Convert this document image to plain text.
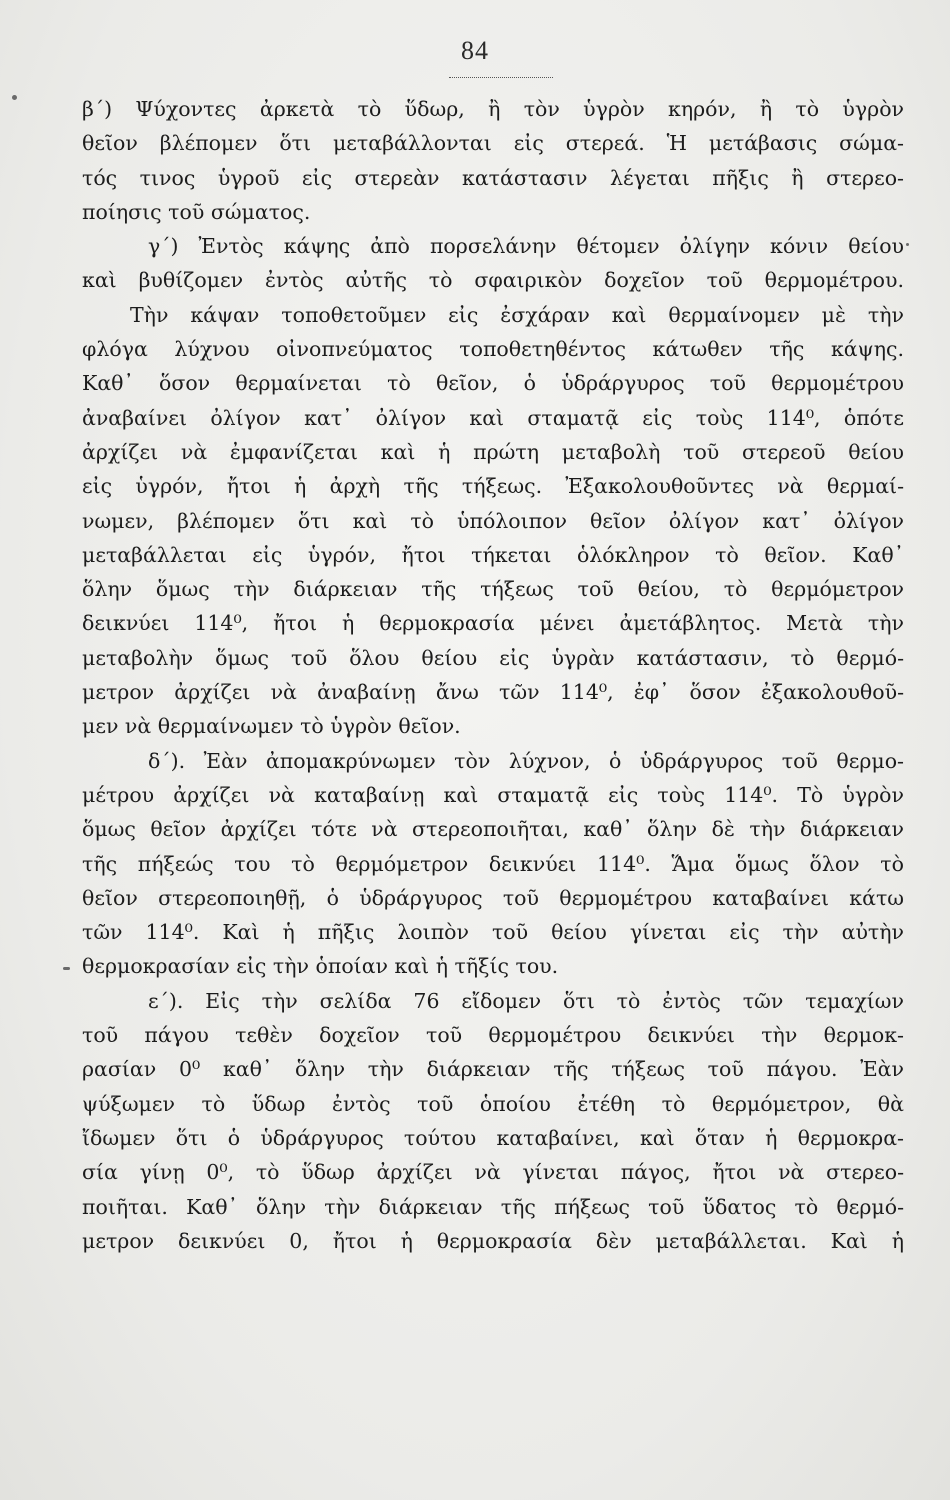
84
β΄) Ψύχοντες ἀρκετὰ τὸ ὕδωρ, ἢ τὸν ὑγρὸν κηρόν, ἢ τὸ ὑγρὸν
θεῖον βλέπομεν ὅτι μεταβάλλονται εἰς στερεά. Ἡ μετάβασις σώμα-
τός τινος ὑγροῦ εἰς στερεὰν κατάστασιν λέγεται πῆξις ἢ στερεο-
ποίησις τοῦ σώματος.
γ΄) Ἐντὸς κάψης ἀπὸ πορσελάνην θέτομεν ὀλίγην κόνιν θείου
καὶ βυθίζομεν ἐντὸς αὐτῆς τὸ σφαιρικὸν δοχεῖον τοῦ θερμομέτρου.
Τὴν κάψαν τοποθετοῦμεν εἰς ἐσχάραν καὶ θερμαίνομεν μὲ τὴν
φλόγα λύχνου οἰνοπνεύματος τοποθετηθέντος κάτωθεν τῆς κάψης.
Καθ᾽ ὅσον θερμαίνεται τὸ θεῖον, ὁ ὑδράργυρος τοῦ θερμομέτρου
ἀναβαίνει ὀλίγον κατ᾽ ὀλίγον καὶ σταματᾷ εἰς τοὺς 114⁰, ὁπότε
ἀρχίζει νὰ ἐμφανίζεται καὶ ἡ πρώτη μεταβολὴ τοῦ στερεοῦ θείου
εἰς ὑγρόν, ἤτοι ἡ ἀρχὴ τῆς τήξεως. Ἐξακολουθοῦντες νὰ θερμαί-
νωμεν, βλέπομεν ὅτι καὶ τὸ ὑπόλοιπον θεῖον ὀλίγον κατ᾽ ὀλίγον
μεταβάλλεται εἰς ὑγρόν, ἤτοι τήκεται ὁλόκληρον τὸ θεῖον. Καθ᾽
ὅλην ὅμως τὴν διάρκειαν τῆς τήξεως τοῦ θείου, τὸ θερμόμετρον
δεικνύει 114⁰, ἤτοι ἡ θερμοκρασία μένει ἀμετάβλητος. Μετὰ τὴν
μεταβολὴν ὅμως τοῦ ὅλου θείου εἰς ὑγρὰν κατάστασιν, τὸ θερμό-
μετρον ἀρχίζει νὰ ἀναβαίνῃ ἄνω τῶν 114⁰, ἐφ᾽ ὅσον ἐξακολουθοῦ-
μεν νὰ θερμαίνωμεν τὸ ὑγρὸν θεῖον.
δ΄). Ἐὰν ἀπομακρύνωμεν τὸν λύχνον, ὁ ὑδράργυρος τοῦ θερμο-
μέτρου ἀρχίζει νὰ καταβαίνῃ καὶ σταματᾷ εἰς τοὺς 114⁰. Τὸ ὑγρὸν
ὅμως θεῖον ἀρχίζει τότε νὰ στερεοποιῆται, καθ᾽ ὅλην δὲ τὴν διάρκειαν
τῆς πήξεώς του τὸ θερμόμετρον δεικνύει 114⁰. Ἅμα ὅμως ὅλον τὸ
θεῖον στερεοποιηθῇ, ὁ ὑδράργυρος τοῦ θερμομέτρου καταβαίνει κάτω
τῶν 114⁰. Καὶ ἡ πῆξις λοιπὸν τοῦ θείου γίνεται εἰς τὴν αὐτὴν
θερμοκρασίαν εἰς τὴν ὁποίαν καὶ ἡ τῆξίς του.
ε΄). Εἰς τὴν σελίδα 76 εἴδομεν ὅτι τὸ ἐντὸς τῶν τεμαχίων
τοῦ πάγου τεθὲν δοχεῖον τοῦ θερμομέτρου δεικνύει τὴν θερμοκ-
ρασίαν 0⁰ καθ᾽ ὅλην τὴν διάρκειαν τῆς τήξεως τοῦ πάγου. Ἐὰν
ψύξωμεν τὸ ὕδωρ ἐντὸς τοῦ ὁποίου ἐτέθη τὸ θερμόμετρον, θὰ
ἴδωμεν ὅτι ὁ ὑδράργυρος τούτου καταβαίνει, καὶ ὅταν ἡ θερμοκρα-
σία γίνῃ 0⁰, τὸ ὕδωρ ἀρχίζει νὰ γίνεται πάγος, ἤτοι νὰ στερεο-
ποιῆται. Καθ᾽ ὅλην τὴν διάρκειαν τῆς πήξεως τοῦ ὕδατος τὸ θερμό-
μετρον δεικνύει 0, ἤτοι ἡ θερμοκρασία δὲν μεταβάλλεται. Καὶ ἡ
